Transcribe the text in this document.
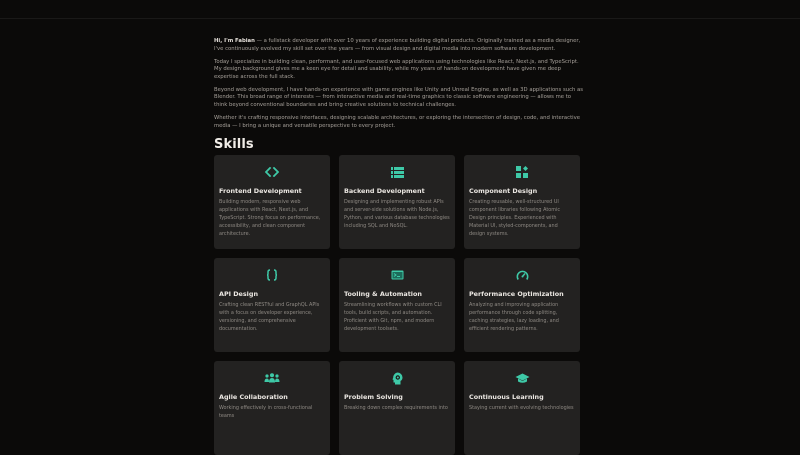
Hi, I'm Fabian — a fullstack developer with over 10 years of experience building digital products. Originally trained as a media designer, I've continuously evolved my skill set over the years — from visual design and digital media into modern software development.

Today I specialize in building clean, performant, and user-focused web applications using technologies like React, Next.js, and TypeScript. My design background gives me a keen eye for detail and usability, while my years of hands-on development have given me deep expertise across the full stack.

Beyond web development, I have hands-on experience with game engines like Unity and Unreal Engine, as well as 3D applications such as Blender. This broad range of interests — from interactive media and real-time graphics to classic software engineering — allows me to think beyond conventional boundaries and bring creative solutions to technical challenges.

Whether it's crafting responsive interfaces, designing scalable architectures, or exploring the intersection of design, code, and interactive media — I bring a unique and versatile perspective to every project.

Skills
Frontend Development
Building modern, responsive web applications with React, Next.js, and TypeScript. Strong focus on performance, accessibility, and clean component architecture.
Backend Development
Designing and implementing robust APIs and server-side solutions with Node.js, Python, and various database technologies including SQL and NoSQL.
Component Design
Creating reusable, well-structured UI component libraries following Atomic Design principles. Experienced with Material UI, styled-components, and design systems.
API Design
Crafting clean RESTful and GraphQL APIs with a focus on developer experience, versioning, and comprehensive documentation.
Tooling & Automation
Streamlining workflows with custom CLI tools, build scripts, and automation. Proficient with Git, npm, and modern development toolsets.
Performance Optimization
Analyzing and improving application performance through code splitting, caching strategies, lazy loading, and efficient rendering patterns.
Agile Collaboration
Working effectively in cross-functional teams
Problem Solving
Breaking down complex requirements into
Continuous Learning
Staying current with evolving technologies
